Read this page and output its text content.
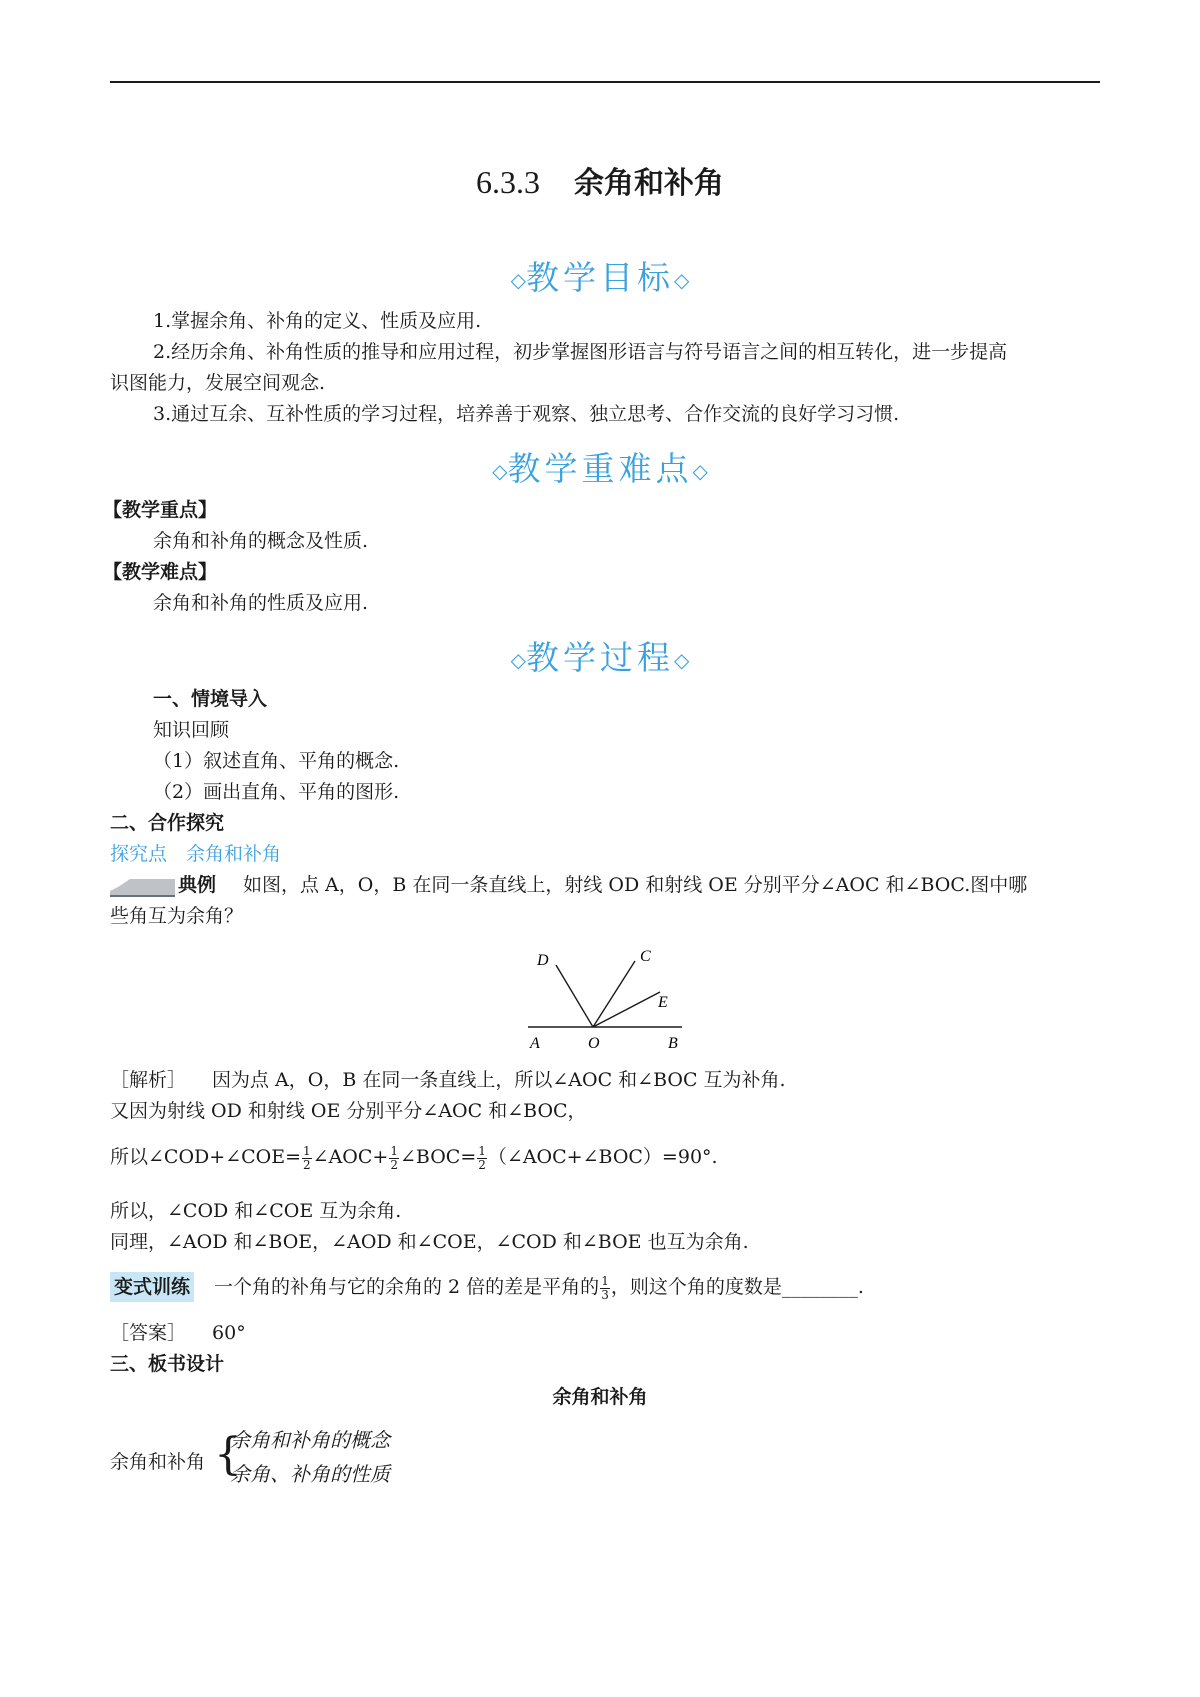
6.3.3 余角和补角
◇教学目标◇
1.掌握余角、补角的定义、性质及应用.
2.经历余角、补角性质的推导和应用过程，初步掌握图形语言与符号语言之间的相互转化，进一步提高
识图能力，发展空间观念.
3.通过互余、互补性质的学习过程，培养善于观察、独立思考、合作交流的良好学习习惯.
◇教学重难点◇
【教学重点】
余角和补角的概念及性质.
【教学难点】
余角和补角的性质及应用.
◇教学过程◇
一、情境导入
知识回顾
（1）叙述直角、平角的概念.
（2）画出直角、平角的图形.
二、合作探究
探究点　余角和补角
典例 如图，点 A，O，B 在同一条直线上，射线 OD 和射线 OE 分别平分∠AOC 和∠BOC.图中哪
些角互为余角？
D	C
E
A	O	B
［解析］ 因为点 A，O，B 在同一条直线上，所以∠AOC 和∠BOC 互为补角.
又因为射线 OD 和射线 OE 分别平分∠AOC 和∠BOC，
所以∠COD+∠COE= $\frac{1}{2}$ ∠AOC+ $\frac{1}{2}$ ∠BOC= $\frac{1}{2}$ （∠AOC+∠BOC）=90°.
所以，∠COD 和∠COE 互为余角.
同理，∠AOD 和∠BOE，∠AOD 和∠COE，∠COD 和∠BOE 也互为余角.
变式训练 一个角的补角与它的余角的 2 倍的差是平角的 $\frac{1}{3}$ ，则这个角的度数是________.
［答案］ 60°
三、板书设计
余角和补角
余角和补角 {
余角和补角的概念
余角、补角的性质
